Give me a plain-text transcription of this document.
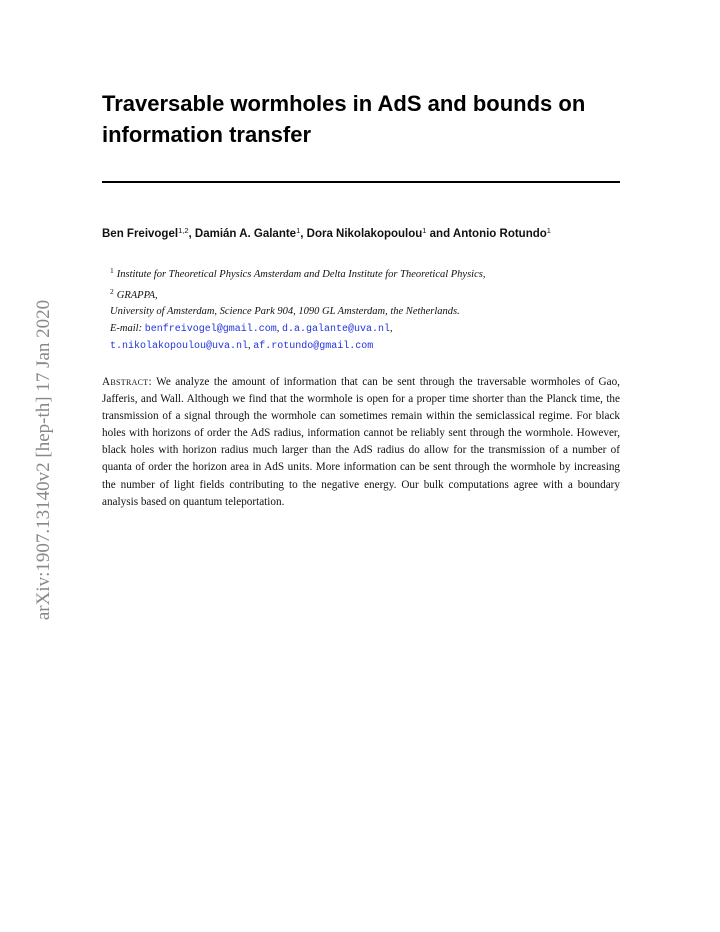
arXiv:1907.13140v2 [hep-th] 17 Jan 2020
Traversable wormholes in AdS and bounds on information transfer
Ben Freivogel$^{1,2}$, Damián A. Galante$^1$, Dora Nikolakopoulou$^1$ and Antonio Rotundo$^1$
$^1$ Institute for Theoretical Physics Amsterdam and Delta Institute for Theoretical Physics,
$^2$ GRAPPA,
University of Amsterdam, Science Park 904, 1090 GL Amsterdam, the Netherlands.
E-mail: benfreivogel@gmail.com, d.a.galante@uva.nl,
t.nikolakopoulou@uva.nl, af.rotundo@gmail.com
Abstract: We analyze the amount of information that can be sent through the traversable wormholes of Gao, Jafferis, and Wall. Although we find that the wormhole is open for a proper time shorter than the Planck time, the transmission of a signal through the wormhole can sometimes remain within the semiclassical regime. For black holes with horizons of order the AdS radius, information cannot be reliably sent through the wormhole. However, black holes with horizon radius much larger than the AdS radius do allow for the transmission of a number of quanta of order the horizon area in AdS units. More information can be sent through the wormhole by increasing the number of light fields contributing to the negative energy. Our bulk computations agree with a boundary analysis based on quantum teleportation.
